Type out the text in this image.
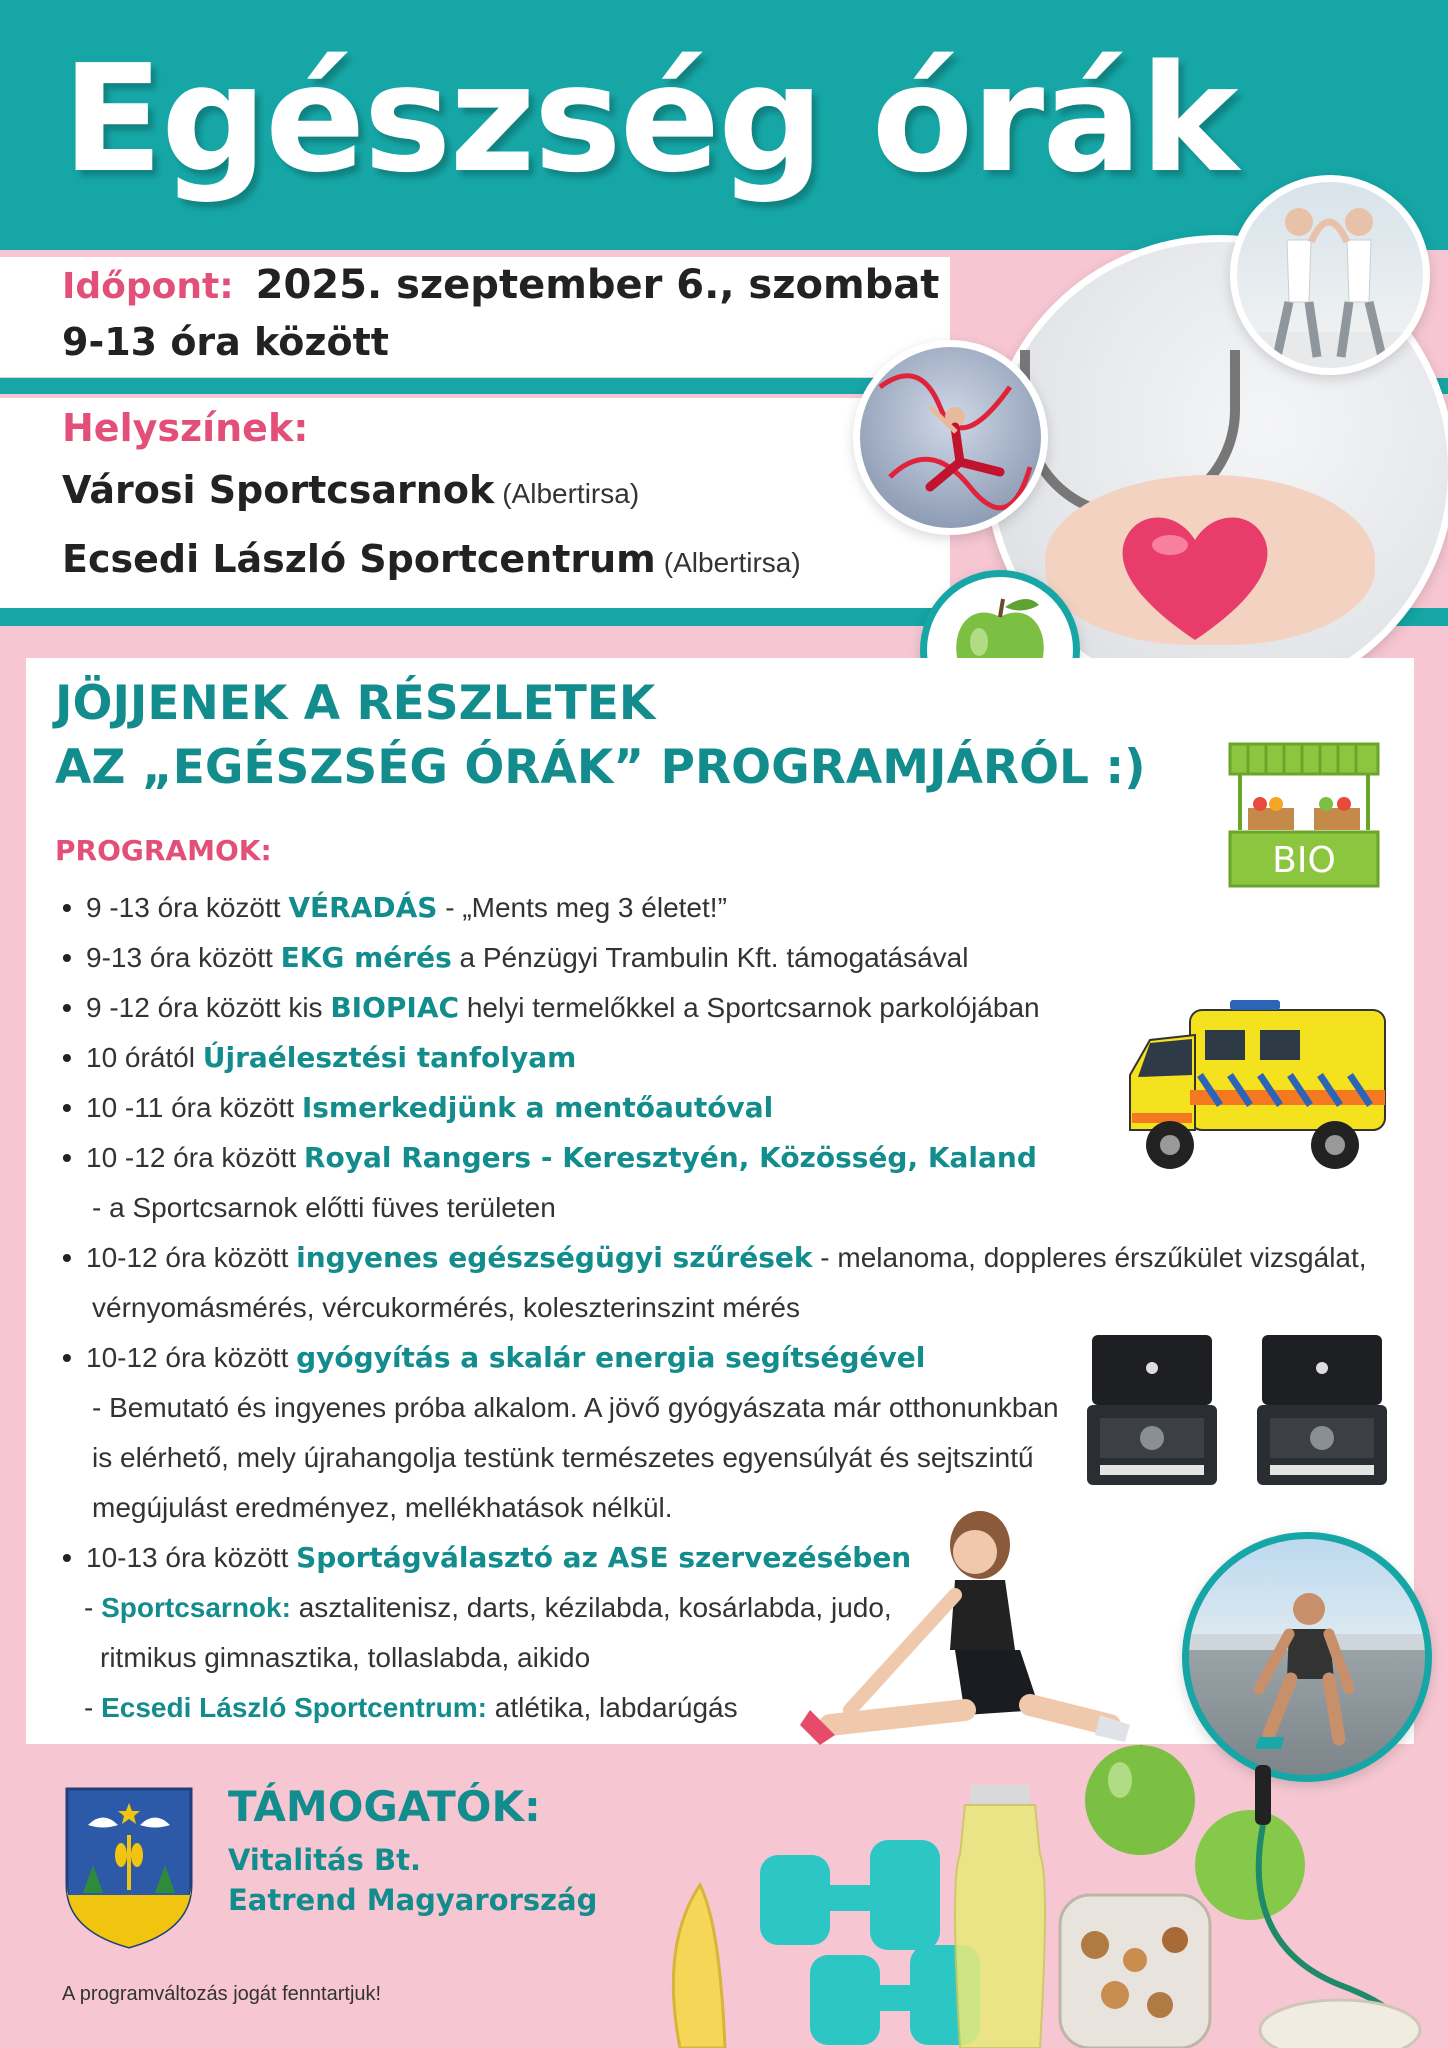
Egészség órák
Időpont: 2025. szeptember 6., szombat
9-13 óra között
Helyszínek:
Városi Sportcsarnok (Albertirsa)
Ecsedi László Sportcentrum (Albertirsa)
JÖJJENEK A RÉSZLETEK
AZ „EGÉSZSÉG ÓRÁK” PROGRAMJÁRÓL :)
BIO
PROGRAMOK:
• 9 -13 óra között VÉRADÁS - „Ments meg 3 életet!”
• 9-13 óra között EKG mérés a Pénzügyi Trambulin Kft. támogatásával
• 9 -12 óra között kis BIOPIAC helyi termelőkkel a Sportcsarnok parkolójában
• 10 órától Újraélesztési tanfolyam
• 10 -11 óra között Ismerkedjünk a mentőautóval
• 10 -12 óra között Royal Rangers - Keresztyén, Közösség, Kaland
- a Sportcsarnok előtti füves területen
• 10-12 óra között ingyenes egészségügyi szűrések - melanoma, doppleres érszűkület vizsgálat,
vérnyomásmérés, vércukormérés, koleszterinszint mérés
• 10-12 óra között gyógyítás a skalár energia segítségével
- Bemutató és ingyenes próba alkalom. A jövő gyógyászata már otthonunkban
is elérhető, mely újrahangolja testünk természetes egyensúlyát és sejtszintű
megújulást eredményez, mellékhatások nélkül.
• 10-13 óra között Sportágválasztó az ASE szervezésében
- Sportcsarnok: asztalitenisz, darts, kézilabda, kosárlabda, judo,
ritmikus gimnasztika, tollaslabda, aikido
- Ecsedi László Sportcentrum: atlétika, labdarúgás
TÁMOGATÓK:
Vitalitás Bt.
Eatrend Magyarország
A programváltozás jogát fenntartjuk!
